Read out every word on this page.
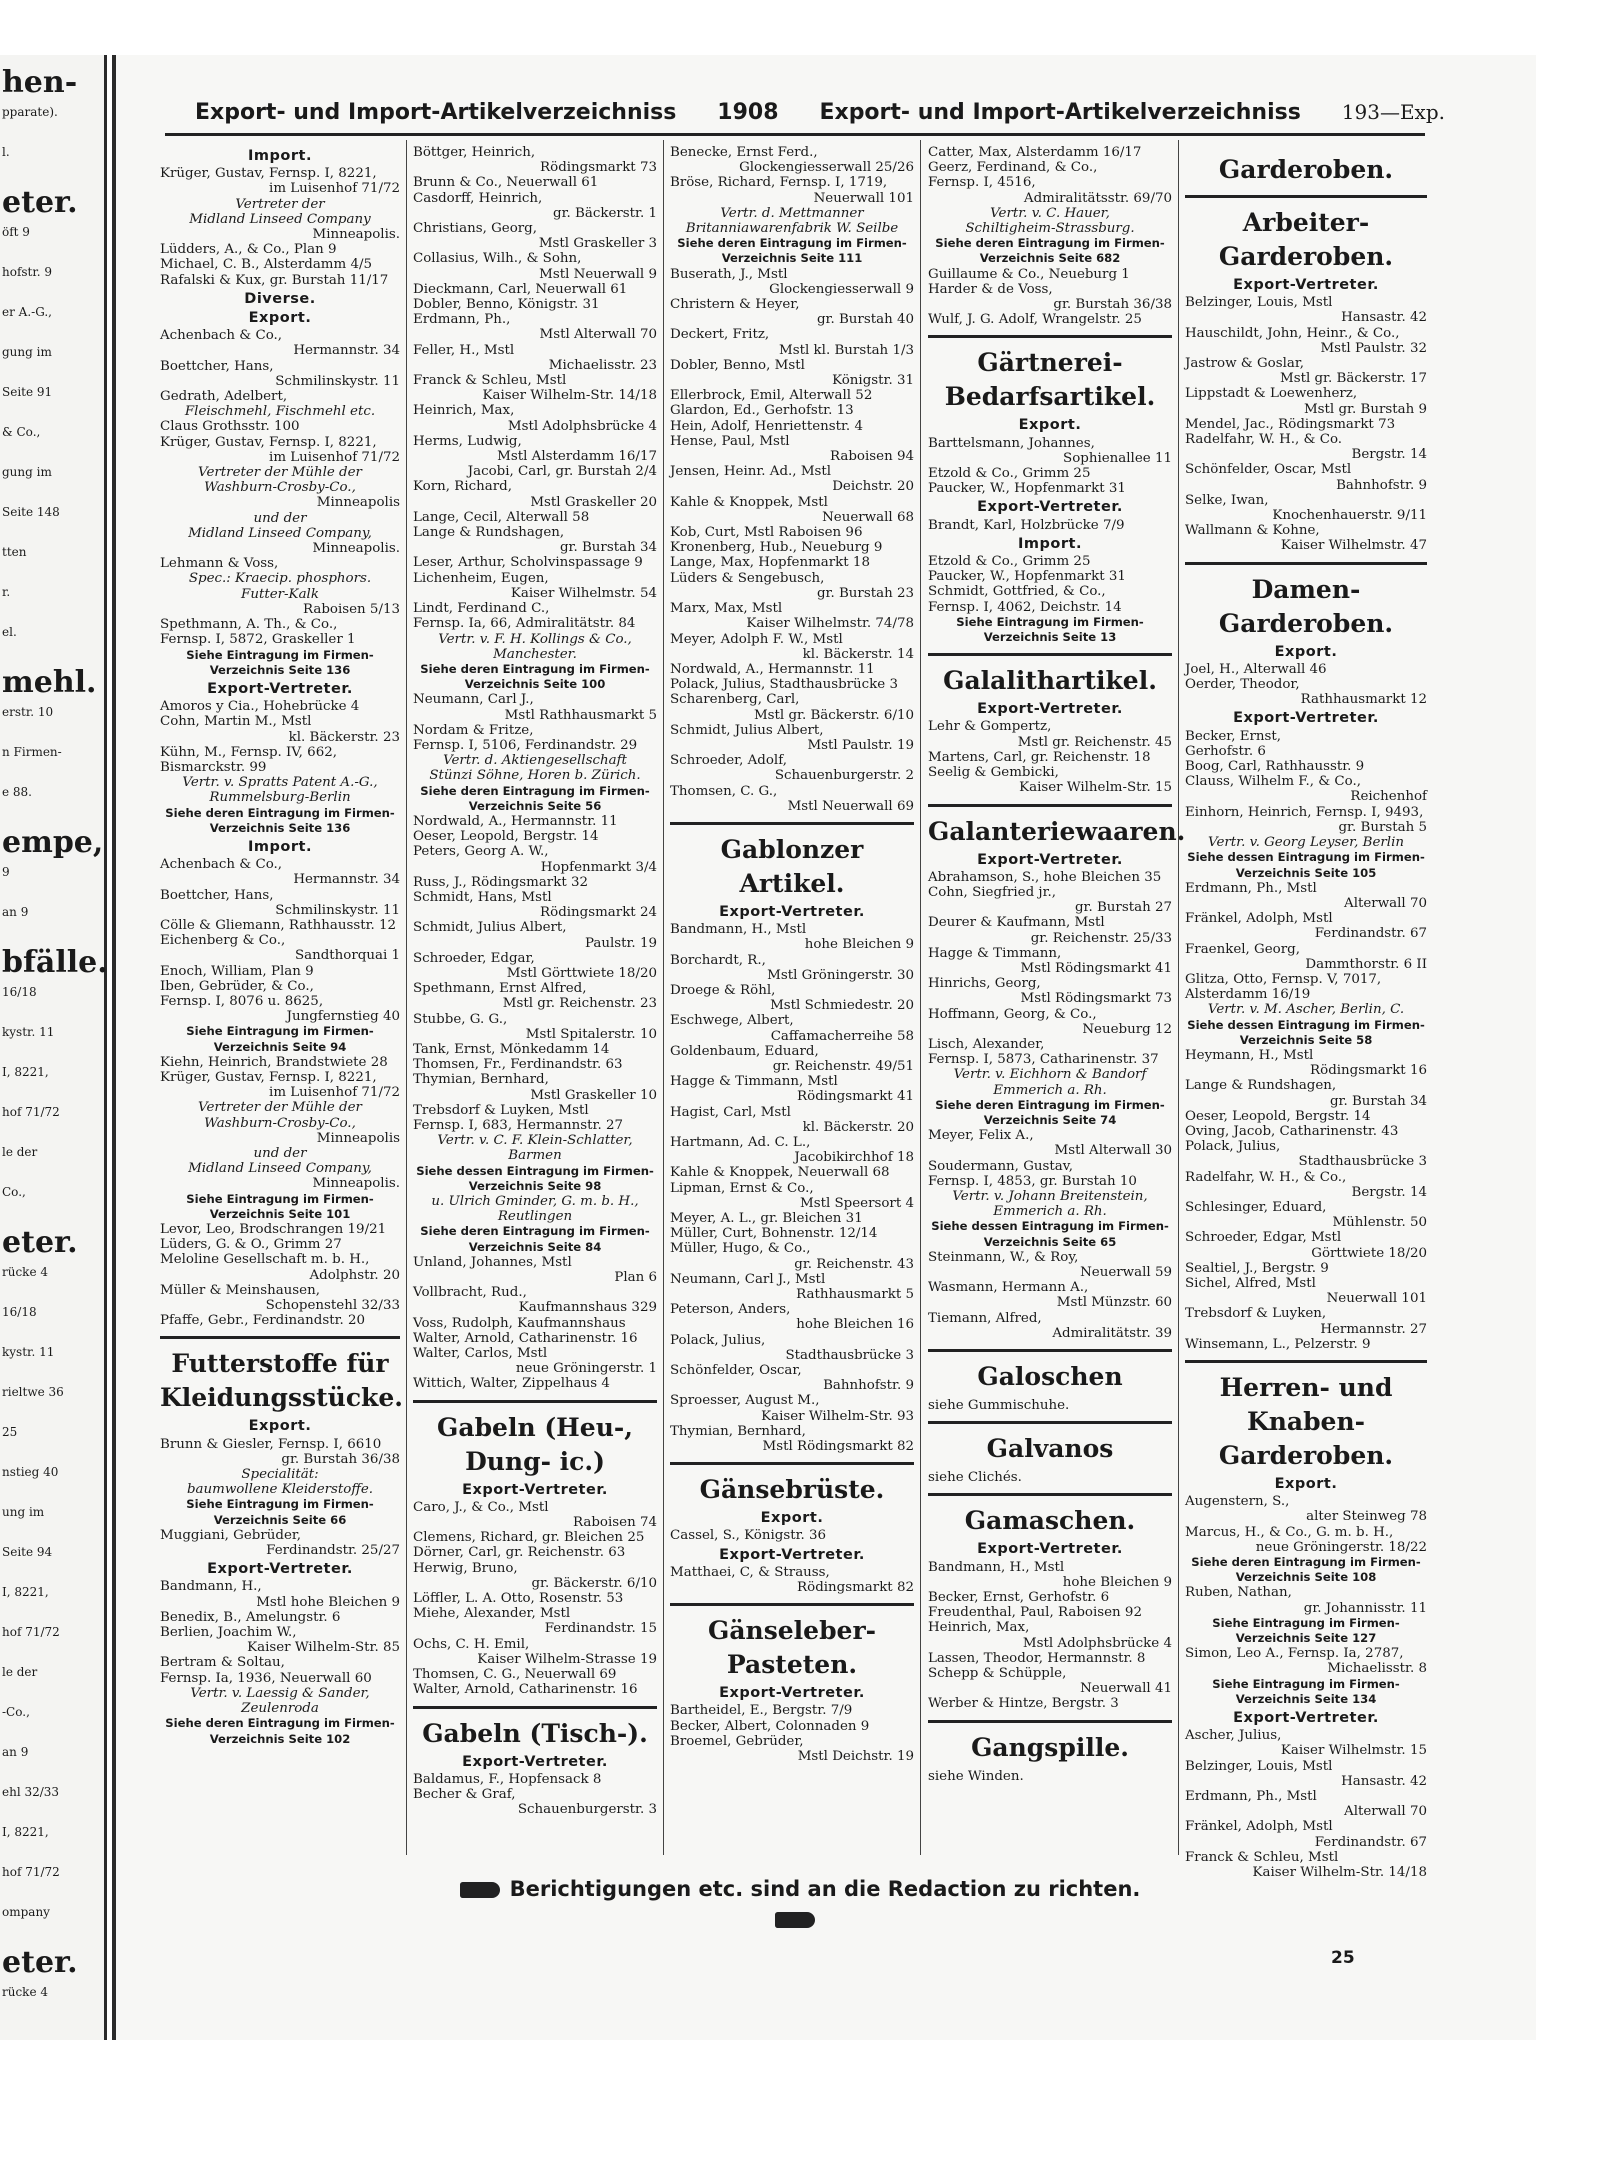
hen-
pparate).
l.
eter.
öft 9
hofstr. 9
er A.-G.,
gung im
Seite 91
& Co.,
gung im
Seite 148
tten
r.
el.
mehl.
erstr. 10
n Firmen-
e 88.
empe,
9
an 9
bfälle.
16/18
kystr. 11
I, 8221,
hof 71/72
le der
Co.,
eter.
rücke 4
16/18
kystr. 11
rieltwe 36
25
nstieg 40
ung im
Seite 94
I, 8221,
hof 71/72
le der
-Co.,
an 9
ehl 32/33
I, 8221,
hof 71/72
ompany
eter.
rücke 4
Export- und Import-Artikelverzeichniss 1908 Export- und Import-Artikelverzeichniss 193—Exp.
Import.
Krüger, Gustav, Fernsp. I, 8221,
im Luisenhof 71/72
Vertreter der
Midland Linseed Company
Minneapolis.
Lüdders, A., & Co., Plan 9
Michael, C. B., Alsterdamm 4/5
Rafalski & Kux, gr. Burstah 11/17
Diverse.
Export.
Achenbach & Co.,
Hermannstr. 34
Boettcher, Hans,
Schmilinskystr. 11
Gedrath, Adelbert,
Fleischmehl, Fischmehl etc.
Claus Grothsstr. 100
Krüger, Gustav, Fernsp. I, 8221,
im Luisenhof 71/72
Vertreter der Mühle der
Washburn-Crosby-Co.,
Minneapolis
und der
Midland Linseed Company,
Minneapolis.
Lehmann & Voss,
Spec.: Kraecip. phosphors.
Futter-Kalk
Raboisen 5/13
Spethmann, A. Th., & Co.,
Fernsp. I, 5872, Graskeller 1
Siehe Eintragung im Firmen-Verzeichnis Seite 136
Export-Vertreter.
Amoros y Cia., Hohebrücke 4
Cohn, Martin M., Mstl
kl. Bäckerstr. 23
Kühn, M., Fernsp. IV, 662,
Bismarckstr. 99
Vertr. v. Spratts Patent A.-G.,
Rummelsburg-Berlin
Siehe deren Eintragung im Firmen-Verzeichnis Seite 136
Import.
Achenbach & Co.,
Hermannstr. 34
Boettcher, Hans,
Schmilinskystr. 11
Cölle & Gliemann, Rathhausstr. 12
Eichenberg & Co.,
Sandthorquai 1
Enoch, William, Plan 9
Iben, Gebrüder, & Co.,
Fernsp. I, 8076 u. 8625,
Jungfernstieg 40
Siehe Eintragung im Firmen-Verzeichnis Seite 94
Kiehn, Heinrich, Brandstwiete 28
Krüger, Gustav, Fernsp. I, 8221,
im Luisenhof 71/72
Vertreter der Mühle der
Washburn-Crosby-Co.,
Minneapolis
und der
Midland Linseed Company,
Minneapolis.
Siehe Eintragung im Firmen-Verzeichnis Seite 101
Levor, Leo, Brodschrangen 19/21
Lüders, G. & O., Grimm 27
Meloline Gesellschaft m. b. H.,
Adolphstr. 20
Müller & Meinshausen,
Schopenstehl 32/33
Pfaffe, Gebr., Ferdinandstr. 20
Futterstoffe für Kleidungsstücke.
Export.
Brunn & Giesler, Fernsp. I, 6610
gr. Burstah 36/38
Specialität:
baumwollene Kleiderstoffe.
Siehe Eintragung im Firmen-Verzeichnis Seite 66
Muggiani, Gebrüder,
Ferdinandstr. 25/27
Export-Vertreter.
Bandmann, H.,
Mstl hohe Bleichen 9
Benedix, B., Amelungstr. 6
Berlien, Joachim W.,
Kaiser Wilhelm-Str. 85
Bertram & Soltau,
Fernsp. Ia, 1936, Neuerwall 60
Vertr. v. Laessig & Sander,
Zeulenroda
Siehe deren Eintragung im Firmen-Verzeichnis Seite 102
Böttger, Heinrich,
Rödingsmarkt 73
Brunn & Co., Neuerwall 61
Casdorff, Heinrich,
gr. Bäckerstr. 1
Christians, Georg,
Mstl Graskeller 3
Collasius, Wilh., & Sohn,
Mstl Neuerwall 9
Dieckmann, Carl, Neuerwall 61
Dobler, Benno, Königstr. 31
Erdmann, Ph.,
Mstl Alterwall 70
Feller, H., Mstl
Michaelisstr. 23
Franck & Schleu, Mstl
Kaiser Wilhelm-Str. 14/18
Heinrich, Max,
Mstl Adolphsbrücke 4
Herms, Ludwig,
Mstl Alsterdamm 16/17
Jacobi, Carl, gr. Burstah 2/4
Korn, Richard,
Mstl Graskeller 20
Lange, Cecil, Alterwall 58
Lange & Rundshagen,
gr. Burstah 34
Leser, Arthur, Scholvinspassage 9
Lichenheim, Eugen,
Kaiser Wilhelmstr. 54
Lindt, Ferdinand C.,
Fernsp. Ia, 66, Admiralitätstr. 84
Vertr. v. F. H. Kollings & Co.,
Manchester.
Siehe deren Eintragung im Firmen-Verzeichnis Seite 100
Neumann, Carl J.,
Mstl Rathhausmarkt 5
Nordam & Fritze,
Fernsp. I, 5106, Ferdinandstr. 29
Vertr. d. Aktiengesellschaft
Stünzi Söhne, Horen b. Zürich.
Siehe deren Eintragung im Firmen-Verzeichnis Seite 56
Nordwald, A., Hermannstr. 11
Oeser, Leopold, Bergstr. 14
Peters, Georg A. W.,
Hopfenmarkt 3/4
Russ, J., Rödingsmarkt 32
Schmidt, Hans, Mstl
Rödingsmarkt 24
Schmidt, Julius Albert,
Paulstr. 19
Schroeder, Edgar,
Mstl Görttwiete 18/20
Spethmann, Ernst Alfred,
Mstl gr. Reichenstr. 23
Stubbe, G. G.,
Mstl Spitalerstr. 10
Tank, Ernst, Mönkedamm 14
Thomsen, Fr., Ferdinandstr. 63
Thymian, Bernhard,
Mstl Graskeller 10
Trebsdorf & Luyken, Mstl
Fernsp. I, 683, Hermannstr. 27
Vertr. v. C. F. Klein-Schlatter,
Barmen
Siehe dessen Eintragung im Firmen-Verzeichnis Seite 98
u. Ulrich Gminder, G. m. b. H.,
Reutlingen
Siehe deren Eintragung im Firmen-Verzeichnis Seite 84
Unland, Johannes, Mstl
Plan 6
Vollbracht, Rud.,
Kaufmannshaus 329
Voss, Rudolph, Kaufmannshaus
Walter, Arnold, Catharinenstr. 16
Walter, Carlos, Mstl
neue Gröningerstr. 1
Wittich, Walter, Zippelhaus 4
Gabeln (Heu-, Dung- ic.)
Export-Vertreter.
Caro, J., & Co., Mstl
Raboisen 74
Clemens, Richard, gr. Bleichen 25
Dörner, Carl, gr. Reichenstr. 63
Herwig, Bruno,
gr. Bäckerstr. 6/10
Löffler, L. A. Otto, Rosenstr. 53
Miehe, Alexander, Mstl
Ferdinandstr. 15
Ochs, C. H. Emil,
Kaiser Wilhelm-Strasse 19
Thomsen, C. G., Neuerwall 69
Walter, Arnold, Catharinenstr. 16
Gabeln (Tisch-).
Export-Vertreter.
Baldamus, F., Hopfensack 8
Becher & Graf,
Schauenburgerstr. 3
Benecke, Ernst Ferd.,
Glockengiesserwall 25/26
Bröse, Richard, Fernsp. I, 1719,
Neuerwall 101
Vertr. d. Mettmanner
Britanniawarenfabrik W. Seilbe
Siehe deren Eintragung im Firmen-Verzeichnis Seite 111
Buserath, J., Mstl
Glockengiesserwall 9
Christern & Heyer,
gr. Burstah 40
Deckert, Fritz,
Mstl kl. Burstah 1/3
Dobler, Benno, Mstl
Königstr. 31
Ellerbrock, Emil, Alterwall 52
Glardon, Ed., Gerhofstr. 13
Hein, Adolf, Henriettenstr. 4
Hense, Paul, Mstl
Raboisen 94
Jensen, Heinr. Ad., Mstl
Deichstr. 20
Kahle & Knoppek, Mstl
Neuerwall 68
Kob, Curt, Mstl Raboisen 96
Kronenberg, Hub., Neueburg 9
Lange, Max, Hopfenmarkt 18
Lüders & Sengebusch,
gr. Burstah 23
Marx, Max, Mstl
Kaiser Wilhelmstr. 74/78
Meyer, Adolph F. W., Mstl
kl. Bäckerstr. 14
Nordwald, A., Hermannstr. 11
Polack, Julius, Stadthausbrücke 3
Scharenberg, Carl,
Mstl gr. Bäckerstr. 6/10
Schmidt, Julius Albert,
Mstl Paulstr. 19
Schroeder, Adolf,
Schauenburgerstr. 2
Thomsen, C. G.,
Mstl Neuerwall 69
Gablonzer Artikel.
Export-Vertreter.
Bandmann, H., Mstl
hohe Bleichen 9
Borchardt, R.,
Mstl Gröningerstr. 30
Droege & Röhl,
Mstl Schmiedestr. 20
Eschwege, Albert,
Caffamacherreihe 58
Goldenbaum, Eduard,
gr. Reichenstr. 49/51
Hagge & Timmann, Mstl
Rödingsmarkt 41
Hagist, Carl, Mstl
kl. Bäckerstr. 20
Hartmann, Ad. C. L.,
Jacobikirchhof 18
Kahle & Knoppek, Neuerwall 68
Lipman, Ernst & Co.,
Mstl Speersort 4
Meyer, A. L., gr. Bleichen 31
Müller, Curt, Bohnenstr. 12/14
Müller, Hugo, & Co.,
gr. Reichenstr. 43
Neumann, Carl J., Mstl
Rathhausmarkt 5
Peterson, Anders,
hohe Bleichen 16
Polack, Julius,
Stadthausbrücke 3
Schönfelder, Oscar,
Bahnhofstr. 9
Sproesser, August M.,
Kaiser Wilhelm-Str. 93
Thymian, Bernhard,
Mstl Rödingsmarkt 82
Gänsebrüste.
Export.
Cassel, S., Königstr. 36
Export-Vertreter.
Matthaei, C, & Strauss,
Rödingsmarkt 82
Gänseleber-Pasteten.
Export-Vertreter.
Bartheidel, E., Bergstr. 7/9
Becker, Albert, Colonnaden 9
Broemel, Gebrüder,
Mstl Deichstr. 19
Catter, Max, Alsterdamm 16/17
Geerz, Ferdinand, & Co.,
Fernsp. I, 4516,
Admiralitätsstr. 69/70
Vertr. v. C. Hauer,
Schiltigheim-Strassburg.
Siehe deren Eintragung im Firmen-Verzeichnis Seite 682
Guillaume & Co., Neueburg 1
Harder & de Voss,
gr. Burstah 36/38
Wulf, J. G. Adolf, Wrangelstr. 25
Gärtnerei-Bedarfsartikel.
Export.
Barttelsmann, Johannes,
Sophienallee 11
Etzold & Co., Grimm 25
Paucker, W., Hopfenmarkt 31
Export-Vertreter.
Brandt, Karl, Holzbrücke 7/9
Import.
Etzold & Co., Grimm 25
Paucker, W., Hopfenmarkt 31
Schmidt, Gottfried, & Co.,
Fernsp. I, 4062, Deichstr. 14
Siehe Eintragung im Firmen-Verzeichnis Seite 13
Galalithartikel.
Export-Vertreter.
Lehr & Gompertz,
Mstl gr. Reichenstr. 45
Martens, Carl, gr. Reichenstr. 18
Seelig & Gembicki,
Kaiser Wilhelm-Str. 15
Galanteriewaaren.
Export-Vertreter.
Abrahamson, S., hohe Bleichen 35
Cohn, Siegfried jr.,
gr. Burstah 27
Deurer & Kaufmann, Mstl
gr. Reichenstr. 25/33
Hagge & Timmann,
Mstl Rödingsmarkt 41
Hinrichs, Georg,
Mstl Rödingsmarkt 73
Hoffmann, Georg, & Co.,
Neueburg 12
Lisch, Alexander,
Fernsp. I, 5873, Catharinenstr. 37
Vertr. v. Eichhorn & Bandorf
Emmerich a. Rh.
Siehe deren Eintragung im Firmen-Verzeichnis Seite 74
Meyer, Felix A.,
Mstl Alterwall 30
Soudermann, Gustav,
Fernsp. I, 4853, gr. Burstah 10
Vertr. v. Johann Breitenstein,
Emmerich a. Rh.
Siehe dessen Eintragung im Firmen-Verzeichnis Seite 65
Steinmann, W., & Roy,
Neuerwall 59
Wasmann, Hermann A.,
Mstl Münzstr. 60
Tiemann, Alfred,
Admiralitätstr. 39
Galoschen
siehe Gummischuhe.
Galvanos
siehe Clichés.
Gamaschen.
Export-Vertreter.
Bandmann, H., Mstl
hohe Bleichen 9
Becker, Ernst, Gerhofstr. 6
Freudenthal, Paul, Raboisen 92
Heinrich, Max,
Mstl Adolphsbrücke 4
Lassen, Theodor, Hermannstr. 8
Schepp & Schüpple,
Neuerwall 41
Werber & Hintze, Bergstr. 3
Gangspille.
siehe Winden.
Garderoben.
Arbeiter-Garderoben.
Export-Vertreter.
Belzinger, Louis, Mstl
Hansastr. 42
Hauschildt, John, Heinr., & Co.,
Mstl Paulstr. 32
Jastrow & Goslar,
Mstl gr. Bäckerstr. 17
Lippstadt & Loewenherz,
Mstl gr. Burstah 9
Mendel, Jac., Rödingsmarkt 73
Radelfahr, W. H., & Co.
Bergstr. 14
Schönfelder, Oscar, Mstl
Bahnhofstr. 9
Selke, Iwan,
Knochenhauerstr. 9/11
Wallmann & Kohne,
Kaiser Wilhelmstr. 47
Damen-Garderoben.
Export.
Joel, H., Alterwall 46
Oerder, Theodor,
Rathhausmarkt 12
Export-Vertreter.
Becker, Ernst,
Gerhofstr. 6
Boog, Carl, Rathhausstr. 9
Clauss, Wilhelm F., & Co.,
Reichenhof
Einhorn, Heinrich, Fernsp. I, 9493,
gr. Burstah 5
Vertr. v. Georg Leyser, Berlin
Siehe dessen Eintragung im Firmen-Verzeichnis Seite 105
Erdmann, Ph., Mstl
Alterwall 70
Fränkel, Adolph, Mstl
Ferdinandstr. 67
Fraenkel, Georg,
Dammthorstr. 6 II
Glitza, Otto, Fernsp. V, 7017,
Alsterdamm 16/19
Vertr. v. M. Ascher, Berlin, C.
Siehe dessen Eintragung im Firmen-Verzeichnis Seite 58
Heymann, H., Mstl
Rödingsmarkt 16
Lange & Rundshagen,
gr. Burstah 34
Oeser, Leopold, Bergstr. 14
Oving, Jacob, Catharinenstr. 43
Polack, Julius,
Stadthausbrücke 3
Radelfahr, W. H., & Co.,
Bergstr. 14
Schlesinger, Eduard,
Mühlenstr. 50
Schroeder, Edgar, Mstl
Görttwiete 18/20
Sealtiel, J., Bergstr. 9
Sichel, Alfred, Mstl
Neuerwall 101
Trebsdorf & Luyken,
Hermannstr. 27
Winsemann, L., Pelzerstr. 9
Herren- und Knaben-Garderoben.
Export.
Augenstern, S.,
alter Steinweg 78
Marcus, H., & Co., G. m. b. H.,
neue Gröningerstr. 18/22
Siehe deren Eintragung im Firmen-Verzeichnis Seite 108
Ruben, Nathan,
gr. Johannisstr. 11
Siehe Eintragung im Firmen-Verzeichnis Seite 127
Simon, Leo A., Fernsp. Ia, 2787,
Michaelisstr. 8
Siehe Eintragung im Firmen-Verzeichnis Seite 134
Export-Vertreter.
Ascher, Julius,
Kaiser Wilhelmstr. 15
Belzinger, Louis, Mstl
Hansastr. 42
Erdmann, Ph., Mstl
Alterwall 70
Fränkel, Adolph, Mstl
Ferdinandstr. 67
Franck & Schleu, Mstl
Kaiser Wilhelm-Str. 14/18
Berichtigungen etc. sind an die Redaction zu richten.
25
